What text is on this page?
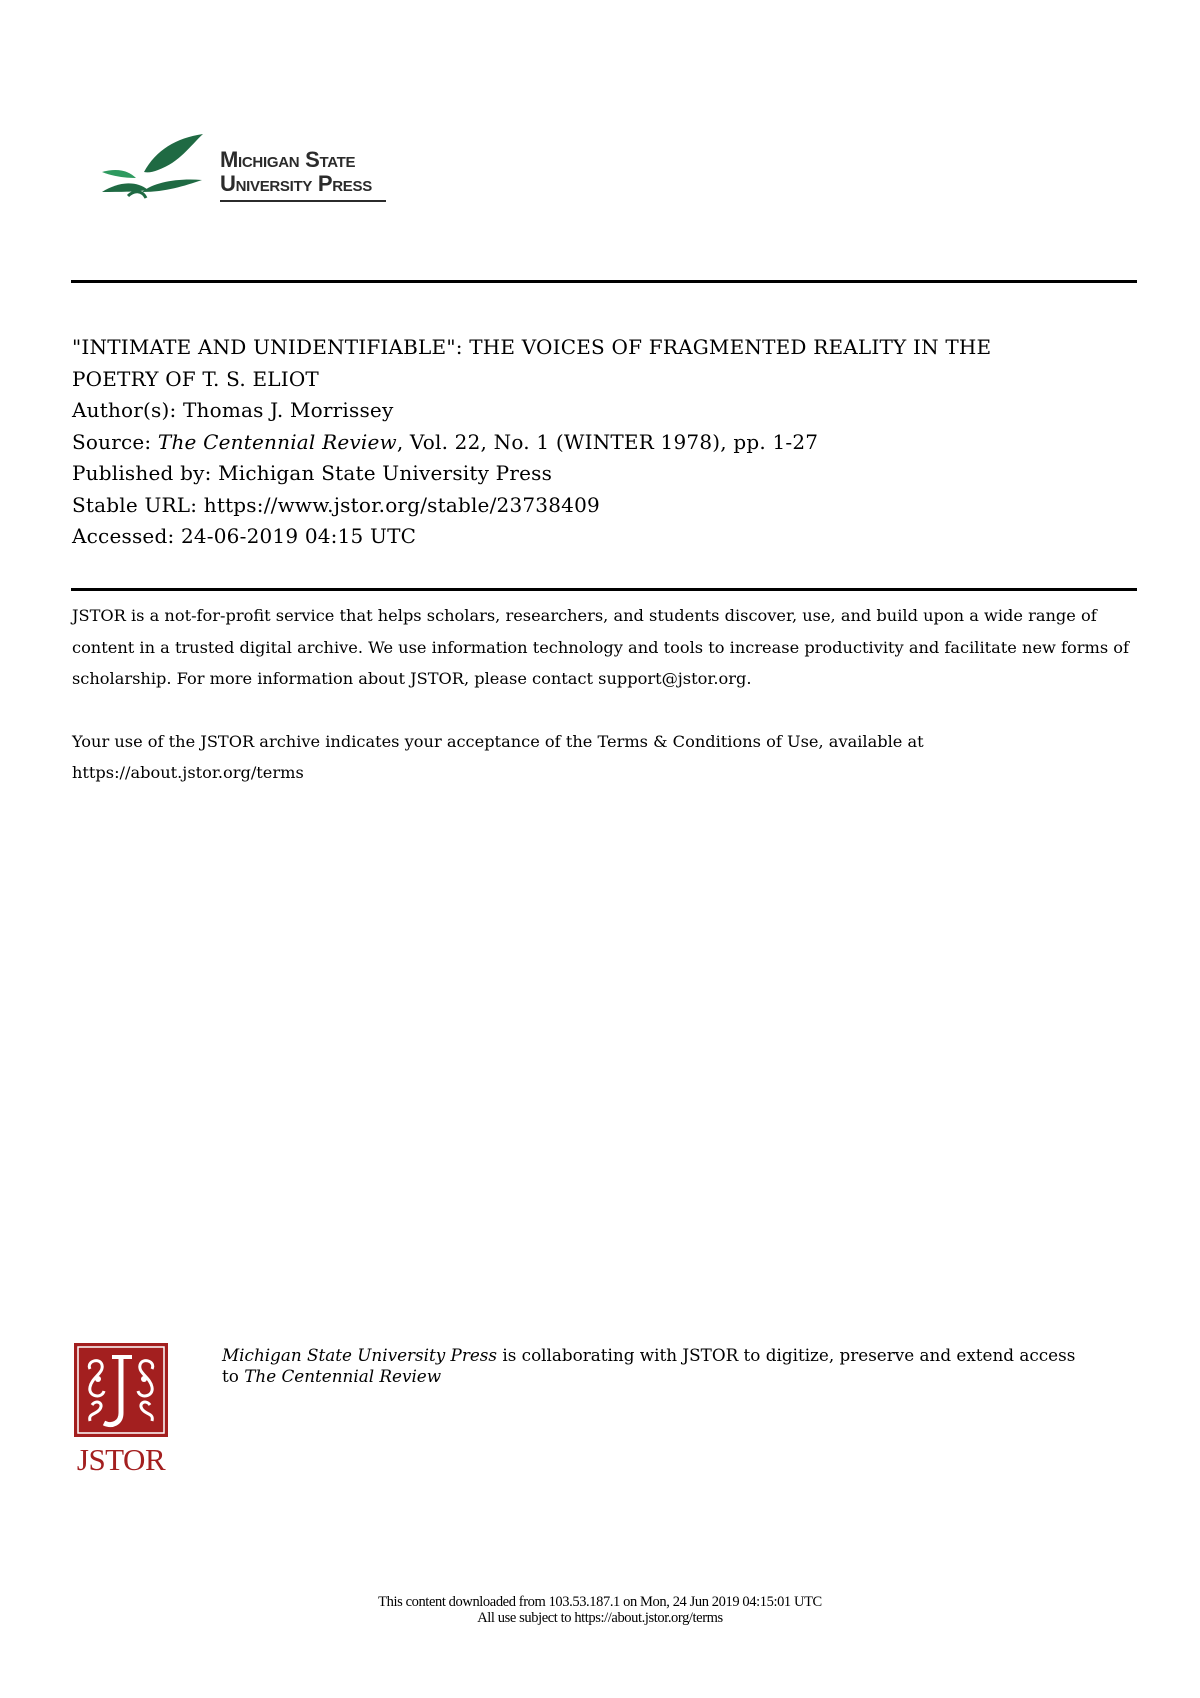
Michigan State
University Press
"INTIMATE AND UNIDENTIFIABLE": THE VOICES OF FRAGMENTED REALITY IN THE
POETRY OF T. S. ELIOT
Author(s): Thomas J. Morrissey
Source: The Centennial Review, Vol. 22, No. 1 (WINTER 1978), pp. 1-27
Published by: Michigan State University Press
Stable URL: https://www.jstor.org/stable/23738409
Accessed: 24-06-2019 04:15 UTC

JSTOR is a not-for-profit service that helps scholars, researchers, and students discover, use, and build upon a wide range of content in a trusted digital archive. We use information technology and tools to increase productivity and facilitate new forms of scholarship. For more information about JSTOR, please contact support@jstor.org.

Your use of the JSTOR archive indicates your acceptance of the Terms & Conditions of Use, available at
https://about.jstor.org/terms

JSTOR
Michigan State University Press is collaborating with JSTOR to digitize, preserve and extend access to The Centennial Review
This content downloaded from 103.53.187.1 on Mon, 24 Jun 2019 04:15:01 UTC
All use subject to https://about.jstor.org/terms
